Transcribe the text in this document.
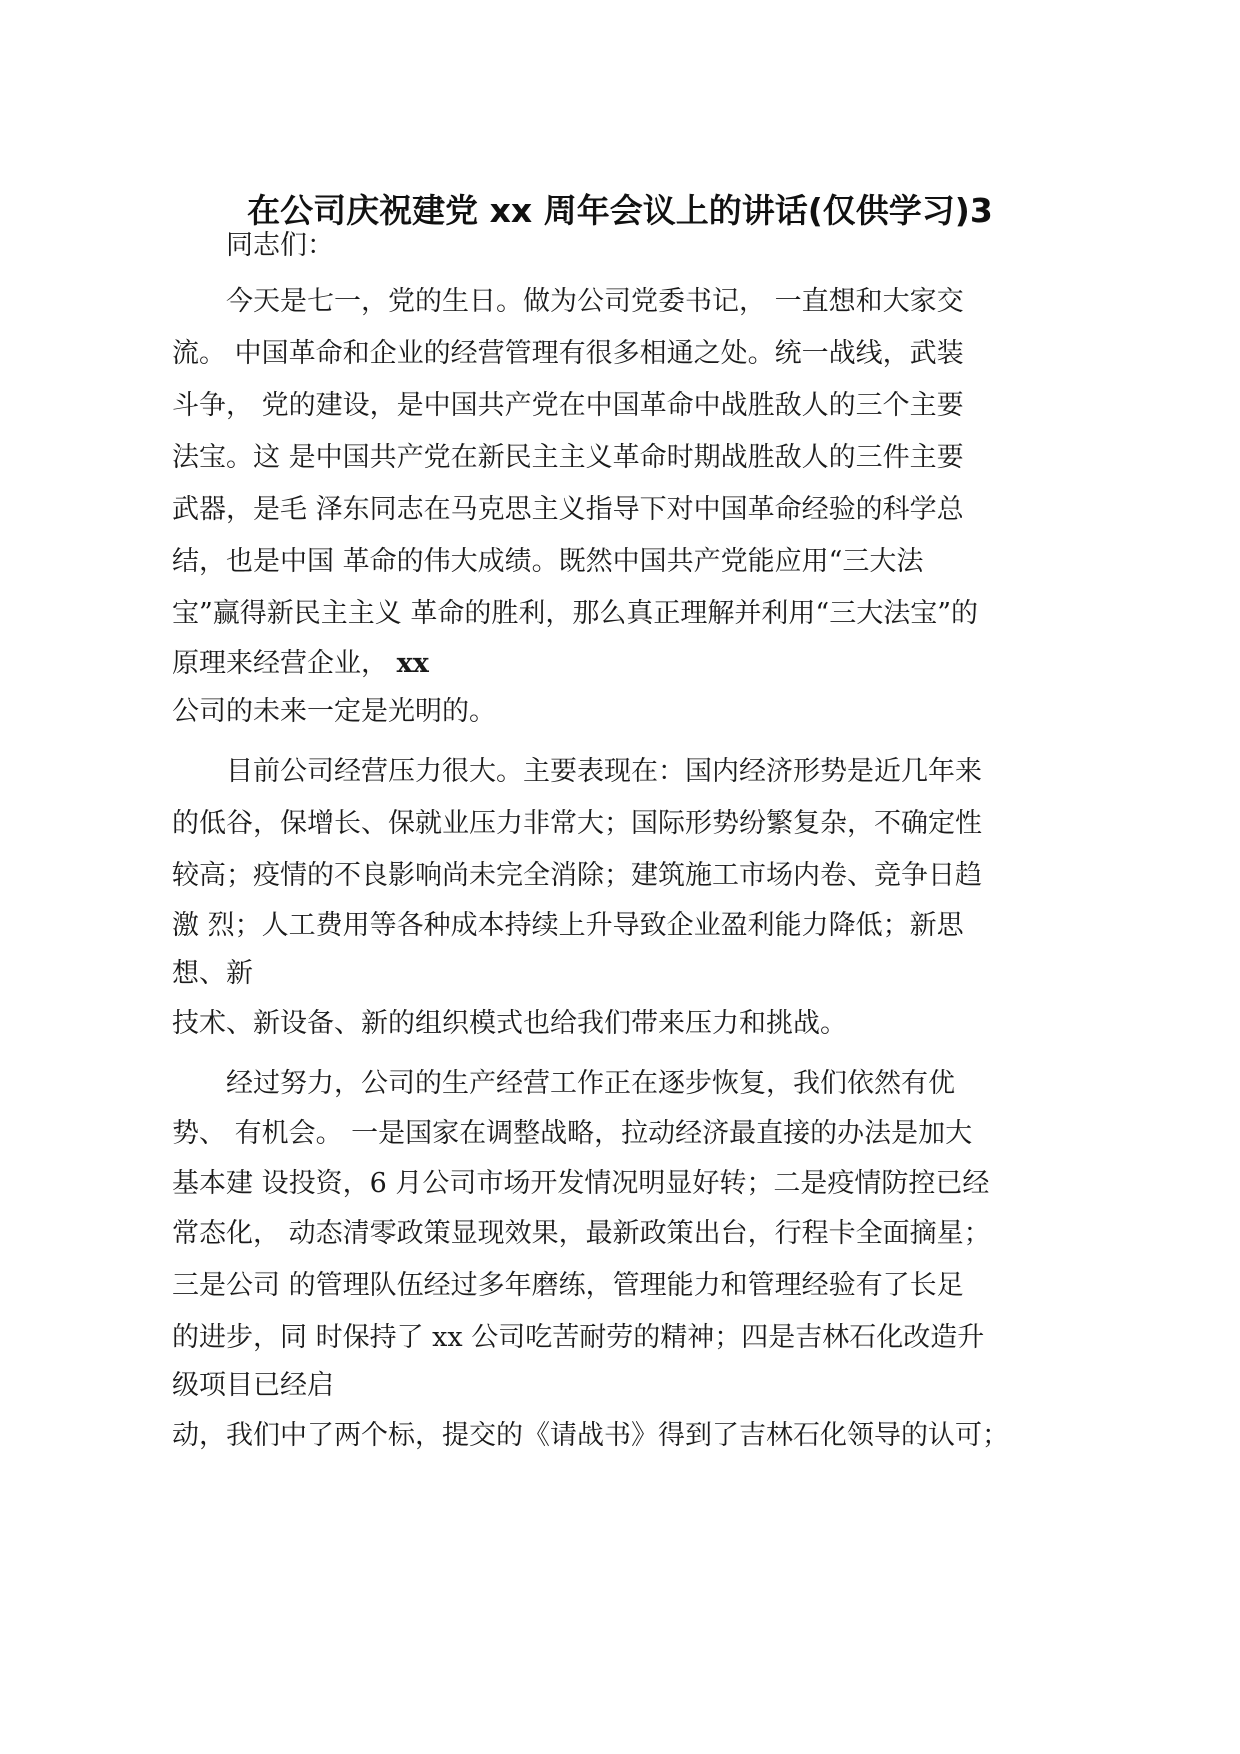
在公司庆祝建党 xx 周年会议上的讲话(仅供学习)3

同志们：

今天是七一，党的生日。做为公司党委书记， 一直想和大家交

流。 中国革命和企业的经营管理有很多相通之处。统一战线，武装

斗争， 党的建设，是中国共产党在中国革命中战胜敌人的三个主要

法宝。这 是中国共产党在新民主主义革命时期战胜敌人的三件主要

武器，是毛 泽东同志在马克思主义指导下对中国革命经验的科学总

结，也是中国 革命的伟大成绩。既然中国共产党能应用“三大法

宝”赢得新民主主义 革命的胜利，那么真正理解并利用“三大法宝”的

原理来经营企业， xx

公司的未来一定是光明的。

目前公司经营压力很大。主要表现在：国内经济形势是近几年来

的低谷，保增长、保就业压力非常大；国际形势纷繁复杂，不确定性

较高；疫情的不良影响尚未完全消除；建筑施工市场内卷、竞争日趋

激 烈；人工费用等各种成本持续上升导致企业盈利能力降低；新思

想、新

技术、新设备、新的组织模式也给我们带来压力和挑战。

经过努力，公司的生产经营工作正在逐步恢复，我们依然有优

势、 有机会。 一是国家在调整战略，拉动经济最直接的办法是加大

基本建 设投资，6 月公司市场开发情况明显好转；二是疫情防控已经

常态化， 动态清零政策显现效果，最新政策出台，行程卡全面摘星；

三是公司 的管理队伍经过多年磨练，管理能力和管理经验有了长足

的进步，同 时保持了 xx 公司吃苦耐劳的精神；四是吉林石化改造升

级项目已经启

动，我们中了两个标，提交的《请战书》得到了吉林石化领导的认可；
